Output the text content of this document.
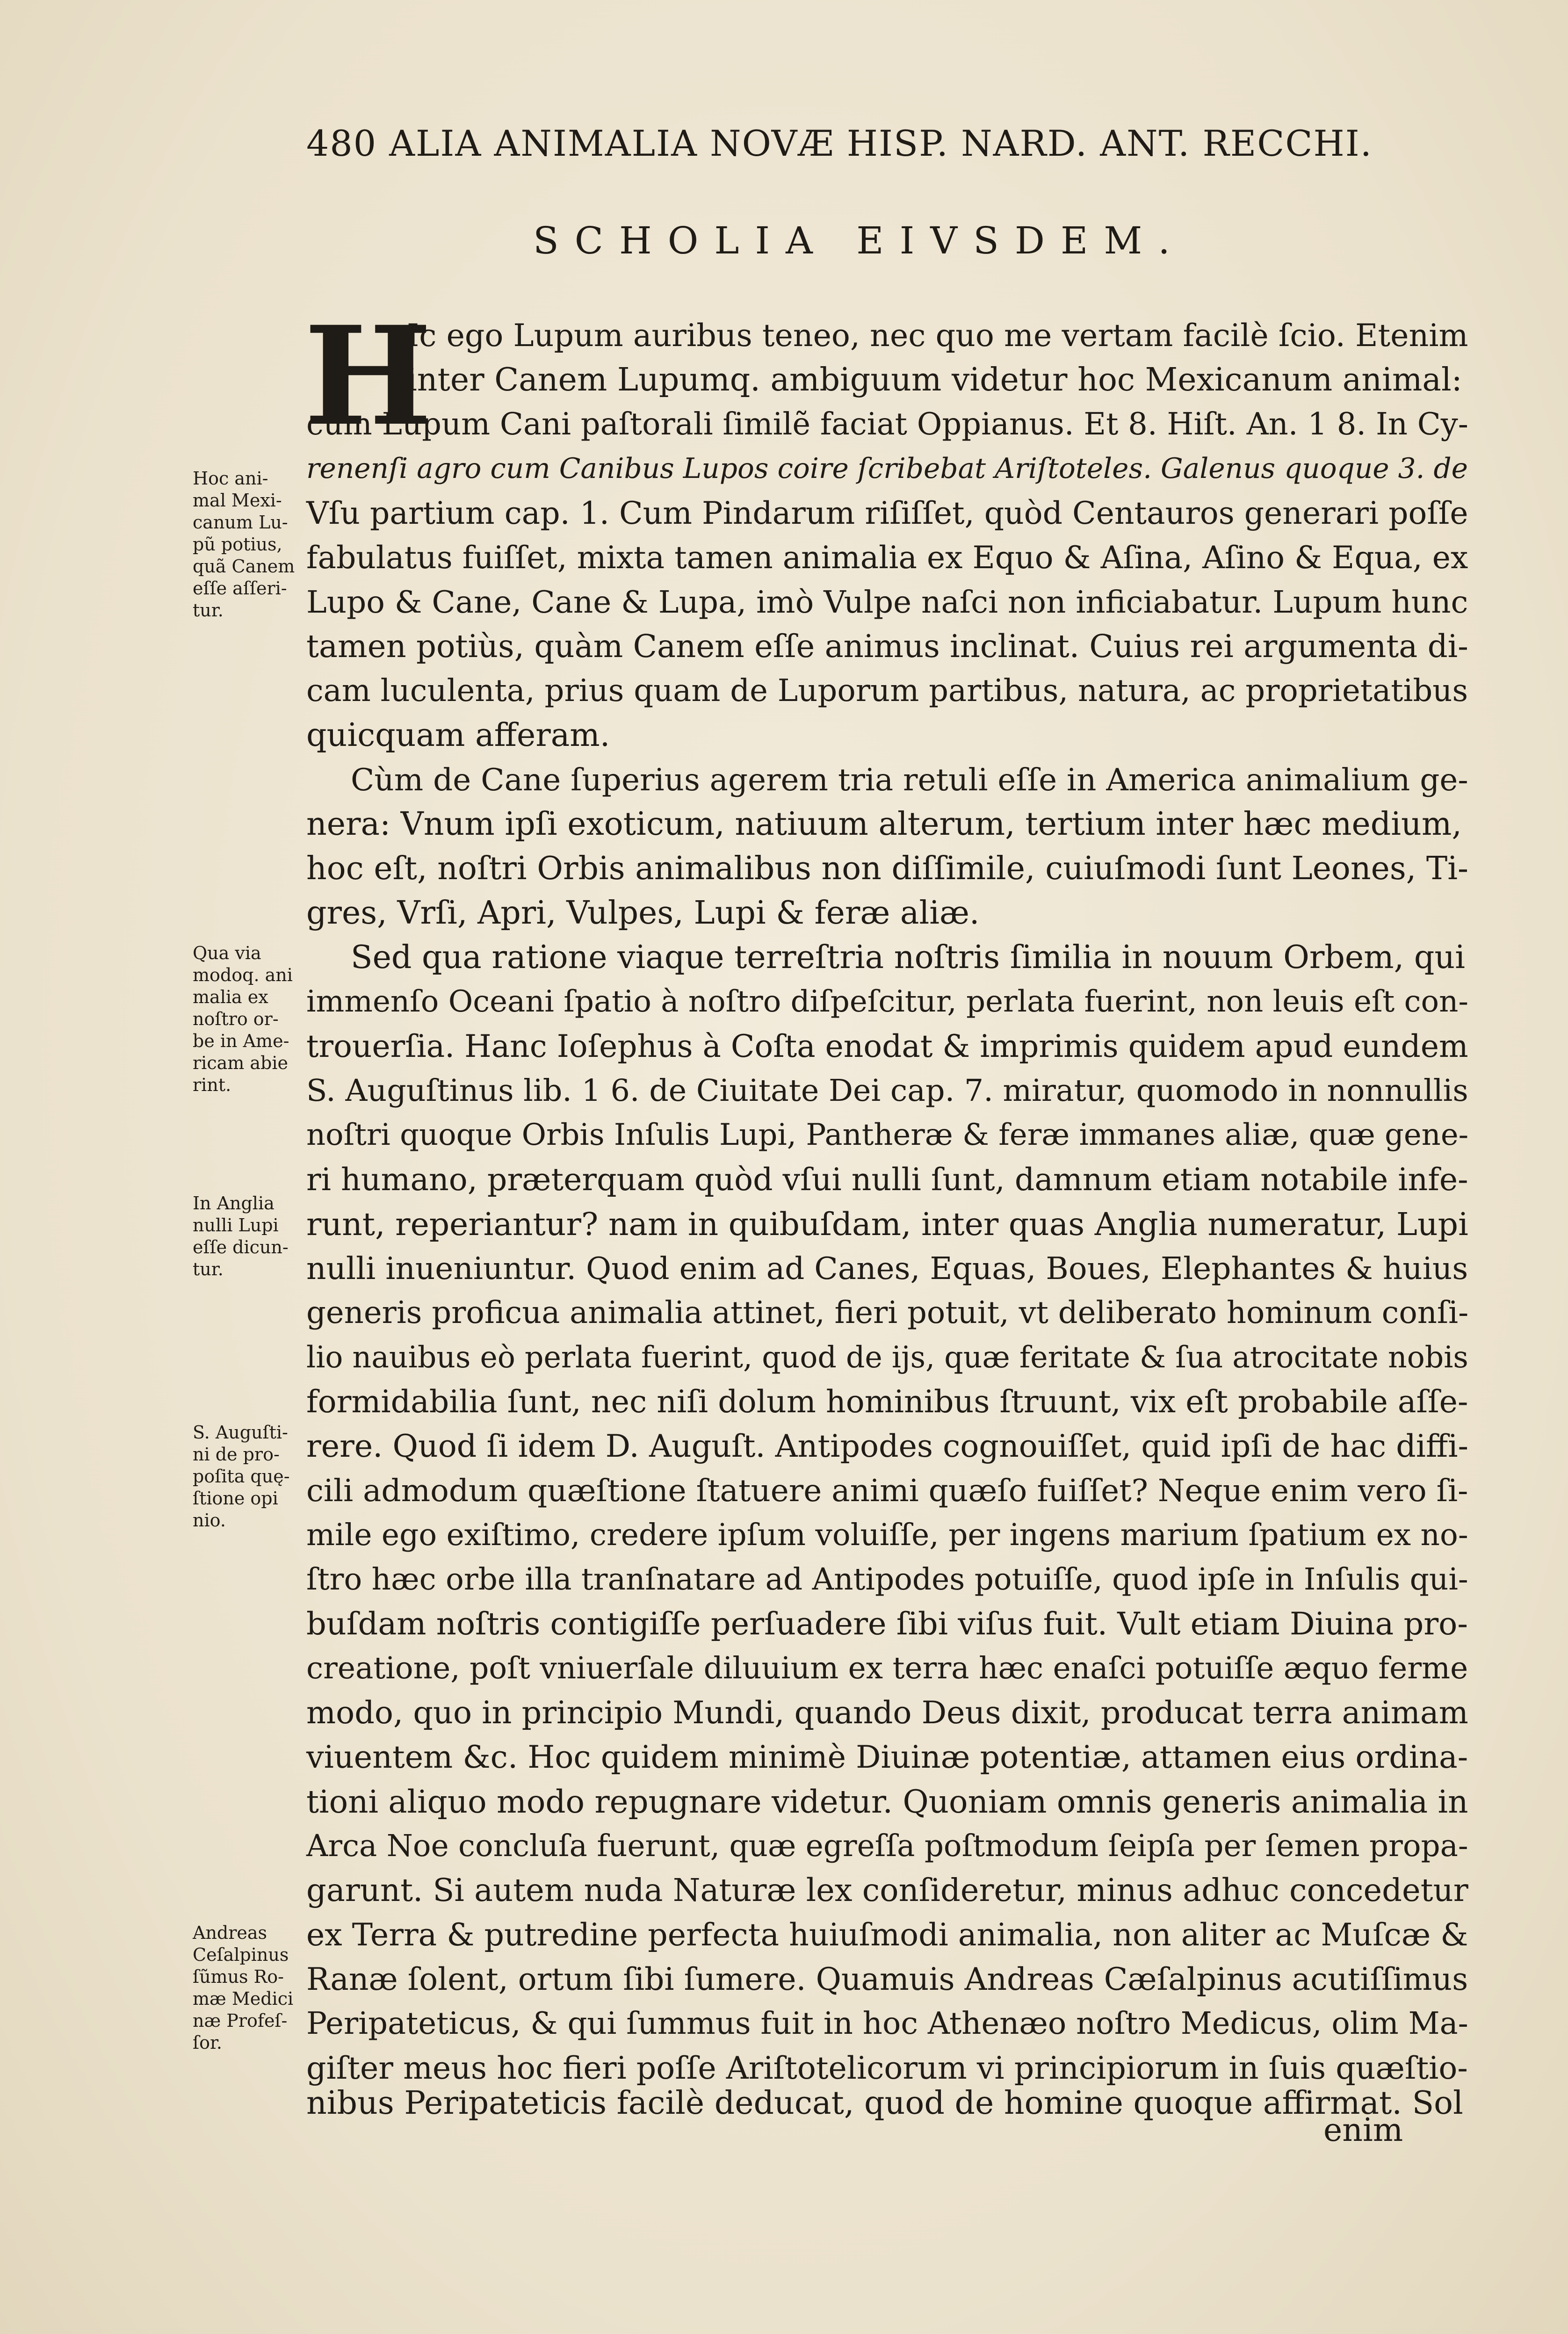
480 ALIA ANIMALIA NOVÆ HISP. NARD. ANT. RECCHI.
SCHOLIA EIVSDEM.
H
Ic ego Lupum auribus teneo, nec quo me vertam facilè ſcio. Etenim
inter Canem Lupumq. ambiguum videtur hoc Mexicanum animal:
cùm Lupum Cani paſtorali ſimilẽ faciat Oppianus. Et 8. Hiſt. An. 1 8. In Cy-
renenſi agro cum Canibus Lupos coire ſcribebat Ariſtoteles. Galenus quoque 3. de
Vſu partium cap. 1. Cum Pindarum riſiſſet, quòd Centauros generari poſſe
fabulatus fuiſſet, mixta tamen animalia ex Equo & Aſina, Aſino & Equa, ex
Lupo & Cane, Cane & Lupa, imò Vulpe naſci non inficiabatur. Lupum hunc
tamen potiùs, quàm Canem eſſe animus inclinat. Cuius rei argumenta di-
cam luculenta, prius quam de Luporum partibus, natura, ac proprietatibus
quicquam afferam.
Cùm de Cane ſuperius agerem tria retuli eſſe in America animalium ge-
nera: Vnum ipſi exoticum, natiuum alterum, tertium inter hæc medium,
hoc eſt, noſtri Orbis animalibus non diſſimile, cuiuſmodi ſunt Leones, Ti-
gres, Vrſi, Apri, Vulpes, Lupi & feræ aliæ.
Sed qua ratione viaque terreſtria noſtris ſimilia in nouum Orbem, qui
immenſo Oceani ſpatio à noſtro diſpeſcitur, perlata fuerint, non leuis eſt con-
trouerſia. Hanc Ioſephus à Coſta enodat & imprimis quidem apud eundem
S. Auguſtinus lib. 1 6. de Ciuitate Dei cap. 7. miratur, quomodo in nonnullis
noſtri quoque Orbis Inſulis Lupi, Pantheræ & feræ immanes aliæ, quæ gene-
ri humano, præterquam quòd vſui nulli ſunt, damnum etiam notabile infe-
runt, reperiantur? nam in quibuſdam, inter quas Anglia numeratur, Lupi
nulli inueniuntur. Quod enim ad Canes, Equas, Boues, Elephantes & huius
generis proficua animalia attinet, fieri potuit, vt deliberato hominum conſi-
lio nauibus eò perlata fuerint, quod de ijs, quæ feritate & ſua atrocitate nobis
formidabilia ſunt, nec niſi dolum hominibus ſtruunt, vix eſt probabile aſſe-
rere. Quod ſi idem D. Auguſt. Antipodes cognouiſſet, quid ipſi de hac diffi-
cili admodum quæſtione ſtatuere animi quæſo fuiſſet? Neque enim vero ſi-
mile ego exiſtimo, credere ipſum voluiſſe, per ingens marium ſpatium ex no-
ſtro hæc orbe illa tranſnatare ad Antipodes potuiſſe, quod ipſe in Inſulis qui-
buſdam noſtris contigiſſe perſuadere ſibi viſus fuit. Vult etiam Diuina pro-
creatione, poſt vniuerſale diluuium ex terra hæc enaſci potuiſſe æquo ferme
modo, quo in principio Mundi, quando Deus dixit, producat terra animam
viuentem &c. Hoc quidem minimè Diuinæ potentiæ, attamen eius ordina-
tioni aliquo modo repugnare videtur. Quoniam omnis generis animalia in
Arca Noe concluſa fuerunt, quæ egreſſa poſtmodum ſeipſa per ſemen propa-
garunt. Si autem nuda Naturæ lex conſideretur, minus adhuc concedetur
ex Terra & putredine perfecta huiuſmodi animalia, non aliter ac Muſcæ &
Ranæ ſolent, ortum ſibi ſumere. Quamuis Andreas Cæſalpinus acutiſſimus
Peripateticus, & qui ſummus fuit in hoc Athenæo noſtro Medicus, olim Ma-
giſter meus hoc fieri poſſe Ariſtotelicorum vi principiorum in ſuis quæſtio-
nibus Peripateticis facilè deducat, quod de homine quoque affirmat. Sol
enim
Hoc ani-
mal Mexi-
canum Lu-
pũ potius,
quã Canem
eſſe aſſeri-
tur.
Qua via
modoq. ani
malia ex
noſtro or-
be in Ame-
ricam abie
rint.
In Anglia
nulli Lupi
eſſe dicun-
tur.
S. Auguſti-
ni de pro-
poſita quę-
ſtione opi
nio.
Andreas
Ceſalpinus
ſũmus Ro-
mæ Medici
næ Profeſ-
ſor.
